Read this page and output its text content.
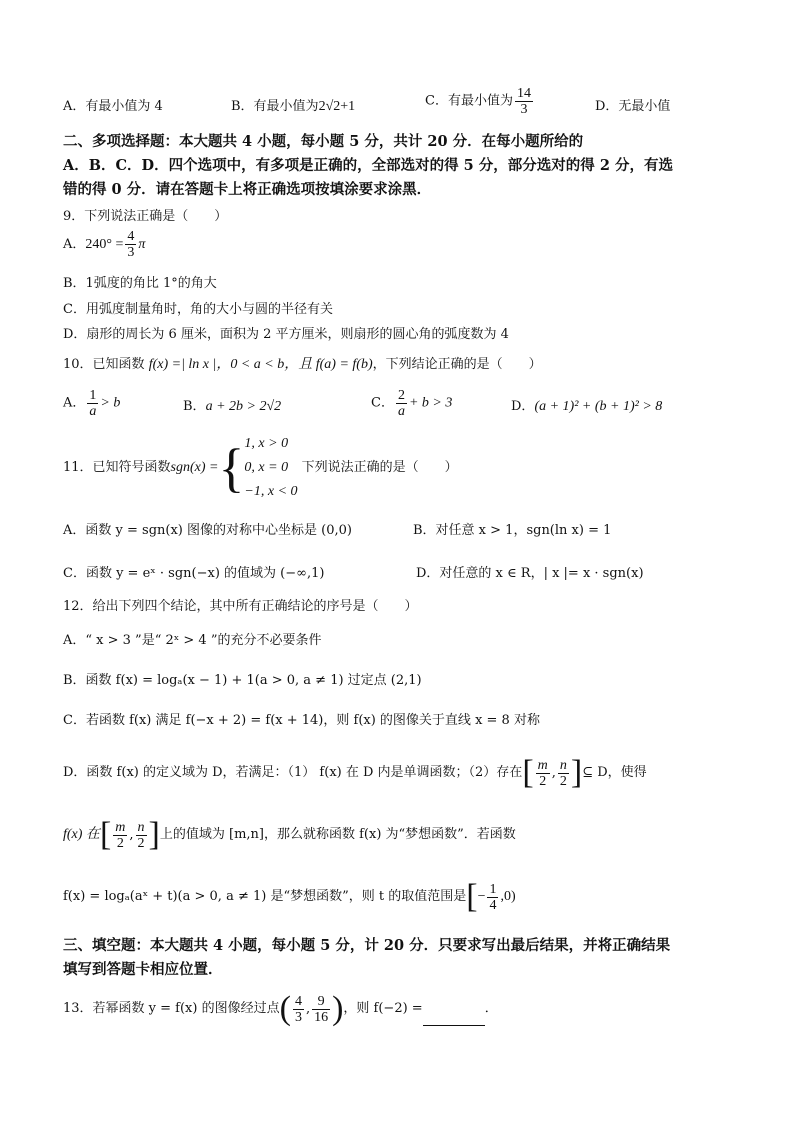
A．有最小值为 4	B．有最小值为2√2+1	C．有最小值为 $\frac{14}{3}$	D．无最小值
二、多项选择题：本大题共 4 小题，每小题 5 分，共计 20 分．在每小题所给的
A．B．C．D．四个选项中，有多项是正确的，全部选对的得 5 分，部分选对的得 2 分，有选
错的得 0 分．请在答题卡上将正确选项按填涂要求涂黑．
9．下列说法正确是（　　）
A．$240^\circ = \frac{4}{3}$ π
B．1弧度的角比 1°的角大
C．用弧度制量角时，角的大小与圆的半径有关
D．扇形的周长为 6 厘米，面积为 2 平方厘米，则扇形的圆心角的弧度数为 4
10．已知函数 f(x) =| ln x |，0 < a < b，且 f(a) = f(b)，下列结论正确的是（　　）
A． $\frac{1}{a} > b$	B．a + 2b > 2√2	C． $\frac{2}{a} + b > 3$	D．(a + 1)² + (b + 1)² > 8
11．已知符号函数sgn(x) ={ 1, x > 0
0, x = 0
−1, x < 0
下列说法正确的是（　　）
A．函数 y = sgn(x) 图像的对称中心坐标是 (0,0)	B．对任意 x > 1，sgn(ln x) = 1
C．函数 y = eˣ · sgn(−x) 的值域为 (−∞,1)	D．对任意的 x ∈ R，| x |= x · sgn(x)
12．给出下列四个结论，其中所有正确结论的序号是（　　）
A．“ x > 3 ”是“ 2ˣ > 4 ”的充分不必要条件
B．函数 f(x) = logₐ(x − 1) + 1(a > 0, a ≠ 1) 过定点 (2,1)
C．若函数 f(x) 满足 f(−x + 2) = f(x + 14)，则 f(x) 的图像关于直线 x = 8 对称
D．函数 f(x) 的定义域为 D，若满足：（1） f(x) 在 D 内是单调函数；（2）存在[ $\frac{m}{2}$ , $\frac{n}{2}$ ]⊆ D，使得
f(x) 在[ $\frac{m}{2}$ , $\frac{n}{2}$ ]上的值域为 [m,n]，那么就称函数 f(x) 为“梦想函数”．若函数
f(x) = logₐ(aˣ + t)(a > 0, a ≠ 1) 是“梦想函数”，则 t 的取值范围是[− $\frac{1}{4} ,0$)
三、填空题：本大题共 4 小题，每小题 5 分，计 20 分．只要求写出最后结果，并将正确结果
填写到答题卡相应位置．
13．若幂函数 y = f(x) 的图像经过点( $\frac{4}{3}$ , $\frac{9}{16}$ )，则 f(−2) =	．
